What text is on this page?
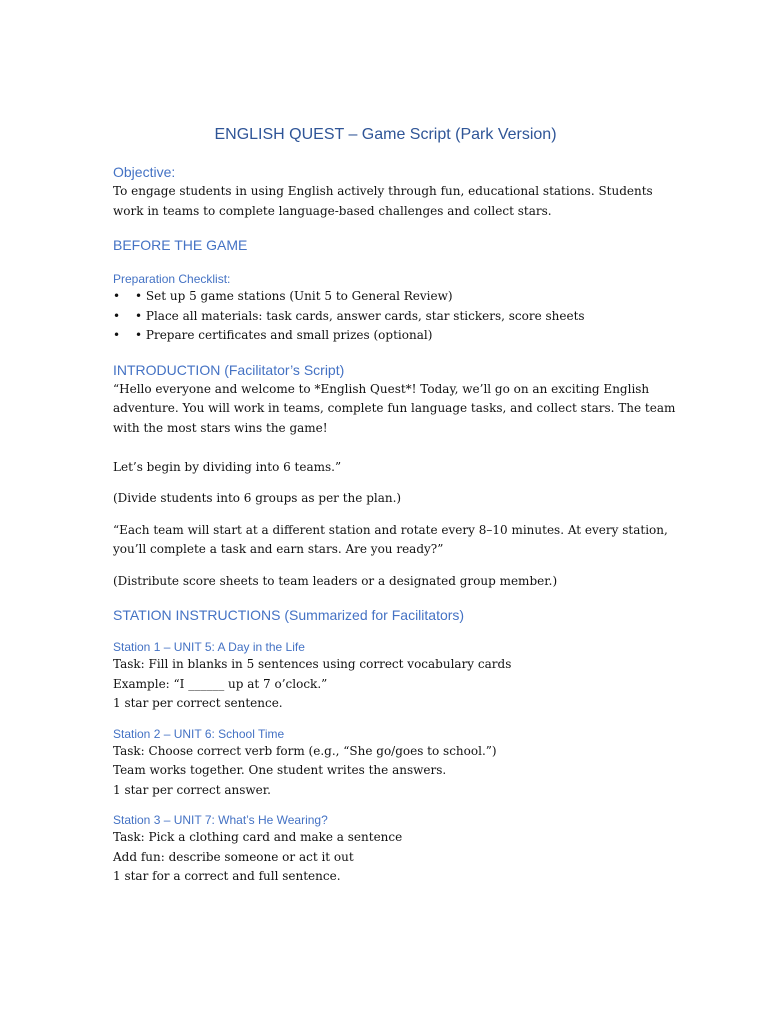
ENGLISH QUEST – Game Script (Park Version)
Objective:
To engage students in using English actively through fun, educational stations. Students
work in teams to complete language-based challenges and collect stars.
BEFORE THE GAME
Preparation Checklist:
• • Set up 5 game stations (Unit 5 to General Review)
• • Place all materials: task cards, answer cards, star stickers, score sheets
• • Prepare certificates and small prizes (optional)
INTRODUCTION (Facilitator’s Script)
“Hello everyone and welcome to *English Quest*! Today, we’ll go on an exciting English
adventure. You will work in teams, complete fun language tasks, and collect stars. The team
with the most stars wins the game!

Let’s begin by dividing into 6 teams.”
(Divide students into 6 groups as per the plan.)
“Each team will start at a different station and rotate every 8–10 minutes. At every station,
you’ll complete a task and earn stars. Are you ready?”
(Distribute score sheets to team leaders or a designated group member.)
STATION INSTRUCTIONS (Summarized for Facilitators)
Station 1 – UNIT 5: A Day in the Life
Task: Fill in blanks in 5 sentences using correct vocabulary cards
Example: “I ______ up at 7 o’clock.”
1 star per correct sentence.
Station 2 – UNIT 6: School Time
Task: Choose correct verb form (e.g., “She go/goes to school.”)
Team works together. One student writes the answers.
1 star per correct answer.
Station 3 – UNIT 7: What’s He Wearing?
Task: Pick a clothing card and make a sentence
Add fun: describe someone or act it out
1 star for a correct and full sentence.
